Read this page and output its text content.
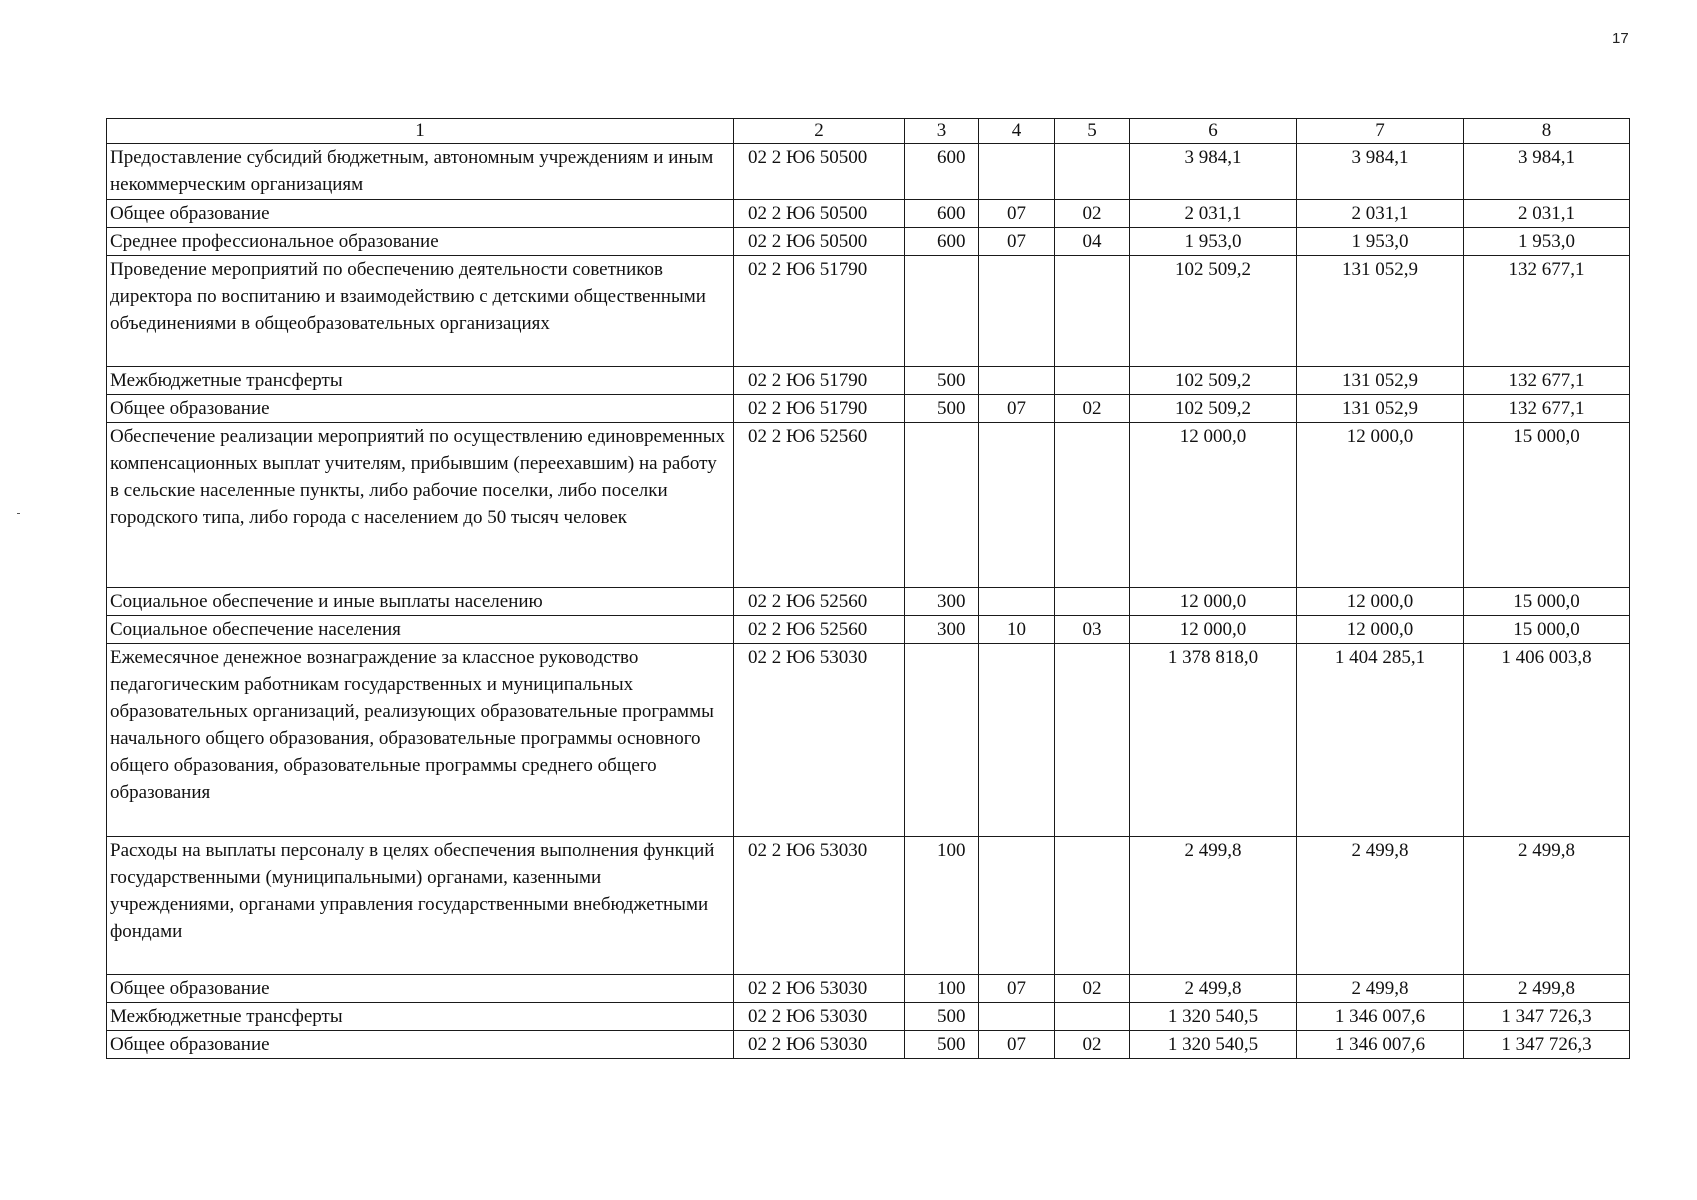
17
1	2	3	4	5	6	7	8
Предоставление субсидий бюджетным, автономным учреждениям и иным некоммерческим организациям	02 2 Ю6 50500	600			3 984,1	3 984,1	3 984,1
Общее образование	02 2 Ю6 50500	600	07	02	2 031,1	2 031,1	2 031,1
Среднее профессиональное образование	02 2 Ю6 50500	600	07	04	1 953,0	1 953,0	1 953,0
Проведение мероприятий по обеспечению деятельности советников директора по воспитанию и взаимодействию с детскими общественными объединениями в общеобразовательных организациях	02 2 Ю6 51790				102 509,2	131 052,9	132 677,1
Межбюджетные трансферты	02 2 Ю6 51790	500			102 509,2	131 052,9	132 677,1
Общее образование	02 2 Ю6 51790	500	07	02	102 509,2	131 052,9	132 677,1
Обеспечение реализации мероприятий по осуществлению единовременных компенсационных выплат учителям, прибывшим (переехавшим) на работу в сельские населенные пункты, либо рабочие поселки, либо поселки городского типа, либо города с населением до 50 тысяч человек	02 2 Ю6 52560				12 000,0	12 000,0	15 000,0
Социальное обеспечение и иные выплаты населению	02 2 Ю6 52560	300			12 000,0	12 000,0	15 000,0
Социальное обеспечение населения	02 2 Ю6 52560	300	10	03	12 000,0	12 000,0	15 000,0
Ежемесячное денежное вознаграждение за классное руководство педагогическим работникам государственных и муниципальных образовательных организаций, реализующих образовательные программы начального общего образования, образовательные программы основного общего образования, образовательные программы среднего общего образования	02 2 Ю6 53030				1 378 818,0	1 404 285,1	1 406 003,8
Расходы на выплаты персоналу в целях обеспечения выполнения функций государственными (муниципальными) органами, казенными учреждениями, органами управления государственными внебюджетными фондами	02 2 Ю6 53030	100			2 499,8	2 499,8	2 499,8
Общее образование	02 2 Ю6 53030	100	07	02	2 499,8	2 499,8	2 499,8
Межбюджетные трансферты	02 2 Ю6 53030	500			1 320 540,5	1 346 007,6	1 347 726,3
Общее образование	02 2 Ю6 53030	500	07	02	1 320 540,5	1 346 007,6	1 347 726,3
